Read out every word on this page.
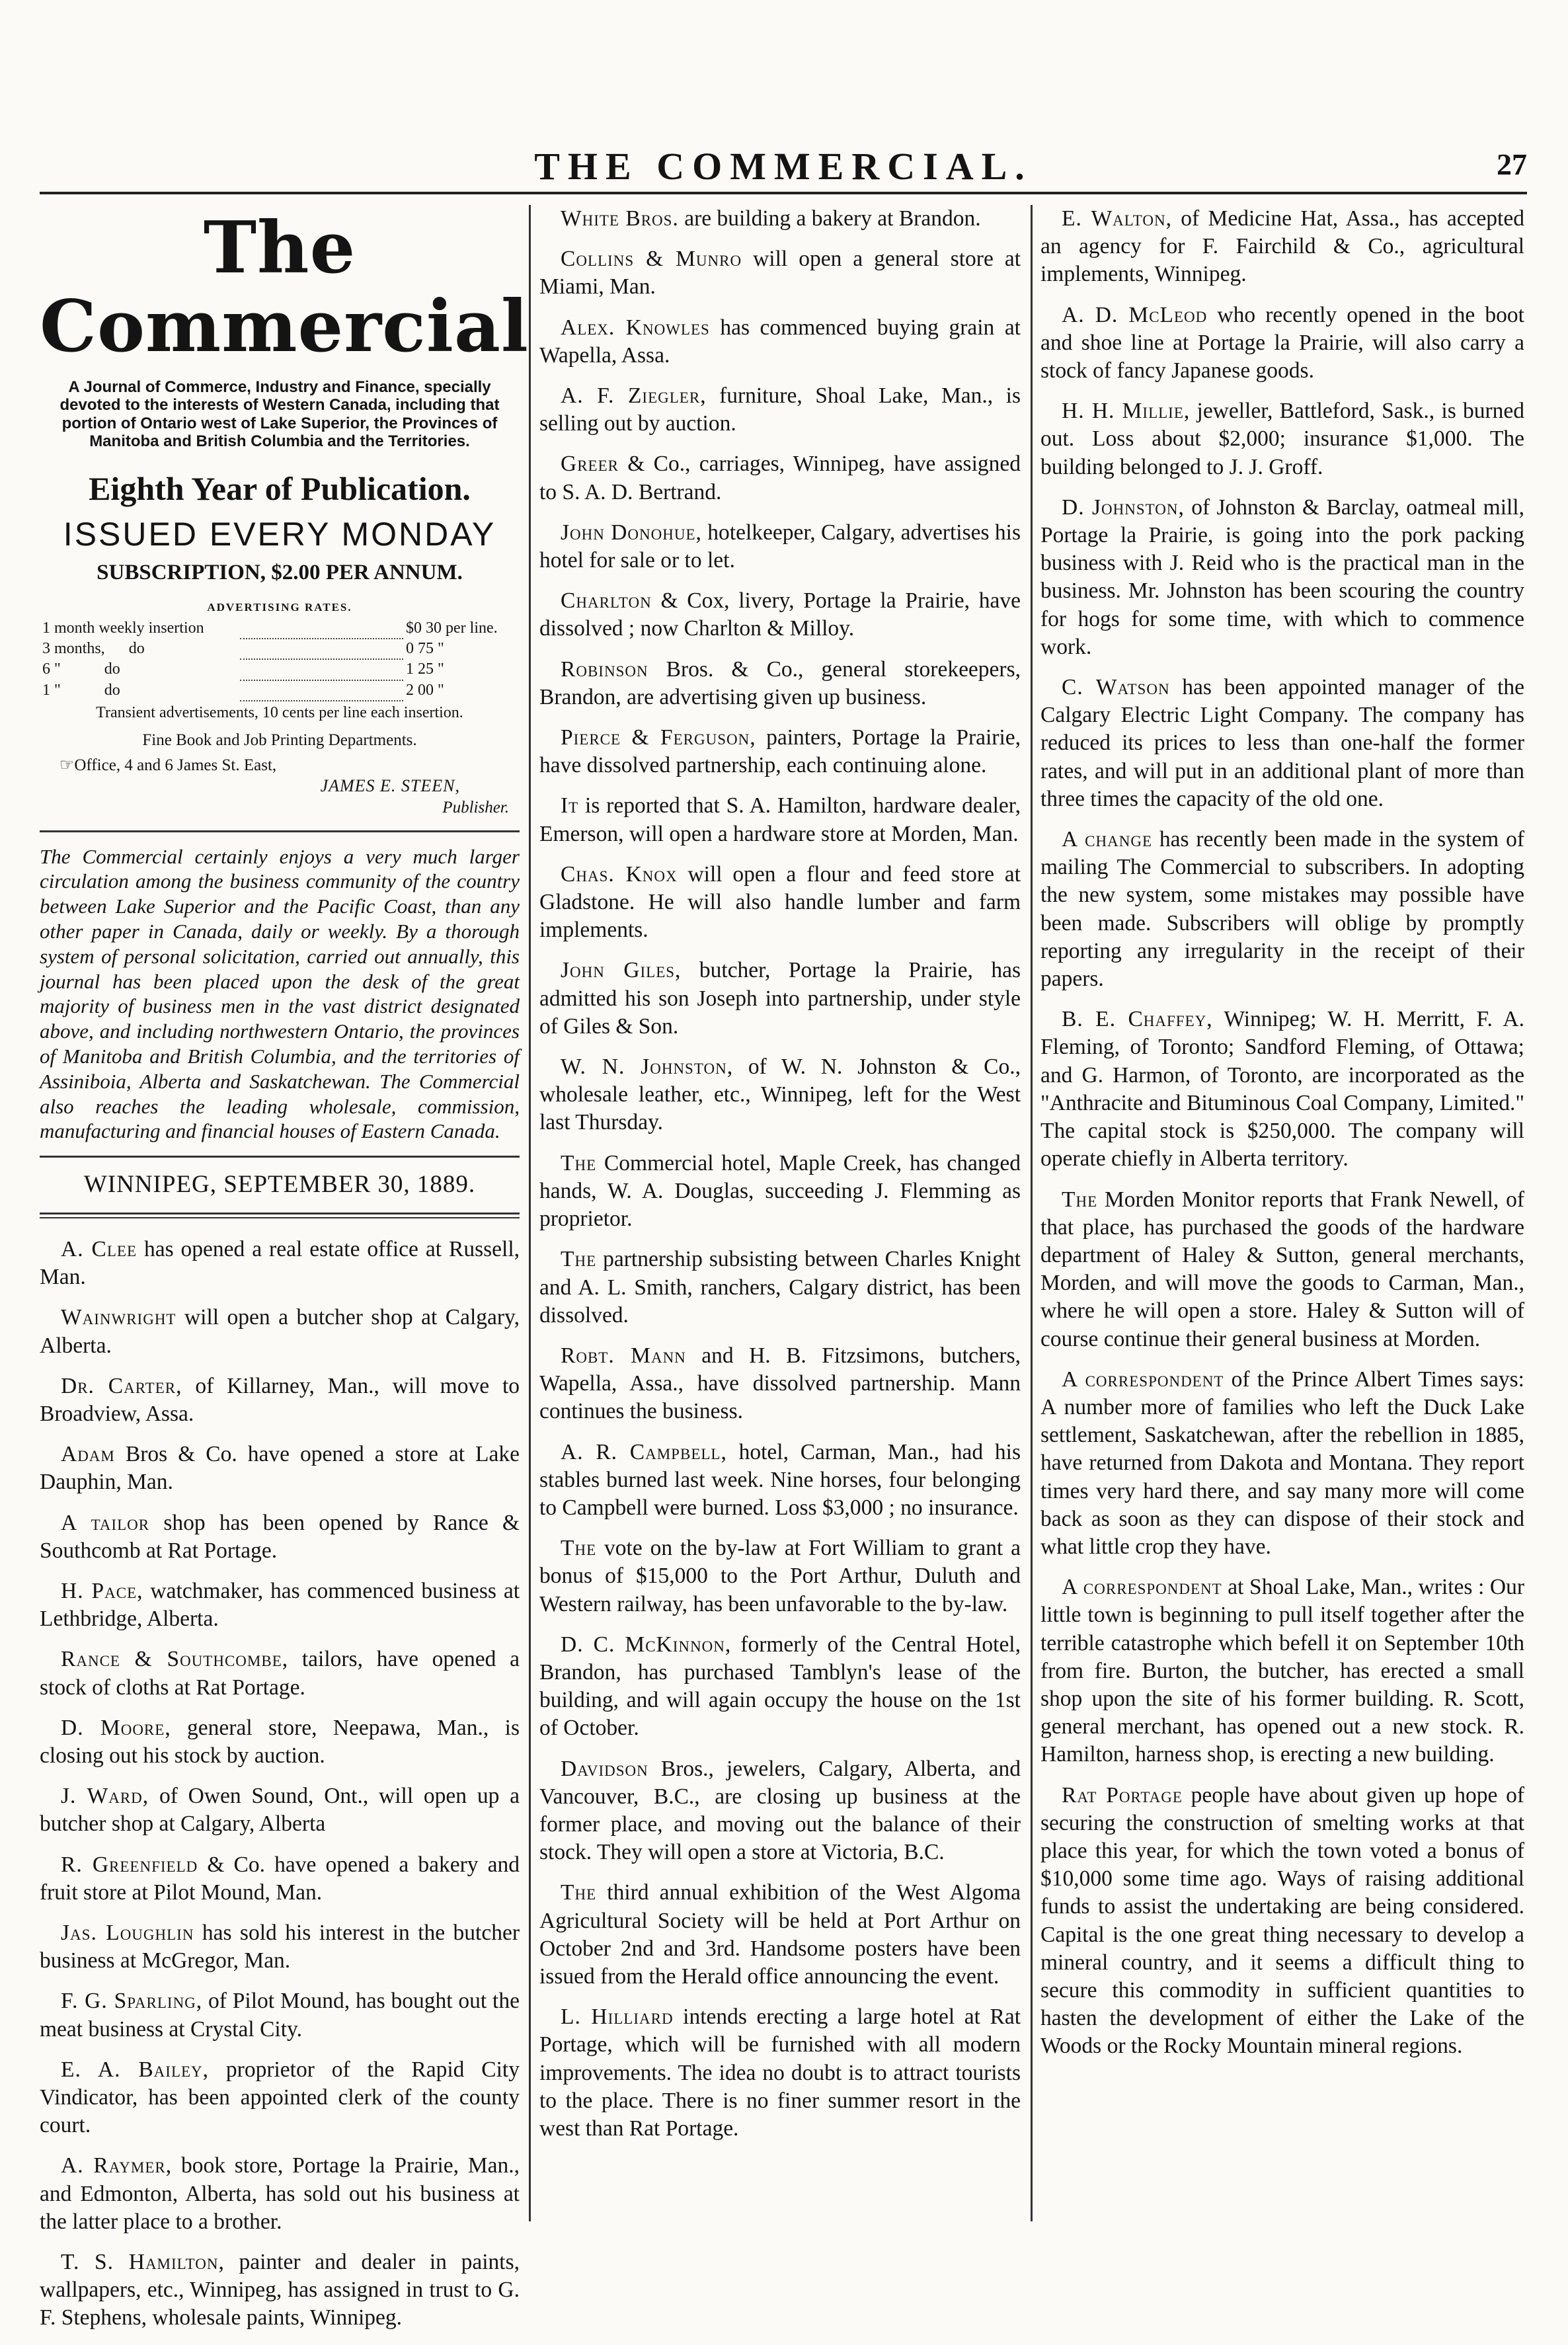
THE COMMERCIAL.	27
The Commercial
A Journal of Commerce, Industry and Finance, specially devoted to the interests of Western Canada, including that portion of Ontario west of Lake Superior, the Provinces of Manitoba and British Columbia and the Territories.
Eighth Year of Publication.
ISSUED EVERY MONDAY
SUBSCRIPTION, $2.00 PER ANNUM.
ADVERTISING RATES.
1 month weekly insertion		$0 30 per line.
3 months, do		0 75 "
6 " do		1 25 "
1 " do		2 00 "
Transient advertisements, 10 cents per line each insertion.
Fine Book and Job Printing Departments.
☞Office, 4 and 6 James St. East,
JAMES E. STEEN,
Publisher.
The Commercial certainly enjoys a very much larger circulation among the business community of the country between Lake Superior and the Pacific Coast, than any other paper in Canada, daily or weekly. By a thorough system of personal solicitation, carried out annually, this journal has been placed upon the desk of the great majority of business men in the vast district designated above, and including northwestern Ontario, the provinces of Manitoba and British Columbia, and the territories of Assiniboia, Alberta and Saskatchewan. The Commercial also reaches the leading wholesale, commission, manufacturing and financial houses of Eastern Canada.
WINNIPEG, SEPTEMBER 30, 1889.

A. Clee has opened a real estate office at Russell, Man.

Wainwright will open a butcher shop at Calgary, Alberta.

Dr. Carter, of Killarney, Man., will move to Broadview, Assa.

Adam Bros & Co. have opened a store at Lake Dauphin, Man.

A tailor shop has been opened by Rance & Southcomb at Rat Portage.

H. Pace, watchmaker, has commenced business at Lethbridge, Alberta.

Rance & Southcombe, tailors, have opened a stock of cloths at Rat Portage.

D. Moore, general store, Neepawa, Man., is closing out his stock by auction.

J. Ward, of Owen Sound, Ont., will open up a butcher shop at Calgary, Alberta

R. Greenfield & Co. have opened a bakery and fruit store at Pilot Mound, Man.

Jas. Loughlin has sold his interest in the butcher business at McGregor, Man.

F. G. Sparling, of Pilot Mound, has bought out the meat business at Crystal City.

E. A. Bailey, proprietor of the Rapid City Vindicator, has been appointed clerk of the county court.

A. Raymer, book store, Portage la Prairie, Man., and Edmonton, Alberta, has sold out his business at the latter place to a brother.

T. S. Hamilton, painter and dealer in paints, wallpapers, etc., Winnipeg, has assigned in trust to G. F. Stephens, wholesale paints, Winnipeg.

White Bros. are building a bakery at Brandon.

Collins & Munro will open a general store at Miami, Man.

Alex. Knowles has commenced buying grain at Wapella, Assa.

A. F. Ziegler, furniture, Shoal Lake, Man., is selling out by auction.

Greer & Co., carriages, Winnipeg, have assigned to S. A. D. Bertrand.

John Donohue, hotelkeeper, Calgary, advertises his hotel for sale or to let.

Charlton & Cox, livery, Portage la Prairie, have dissolved ; now Charlton & Milloy.

Robinson Bros. & Co., general storekeepers, Brandon, are advertising given up business.

Pierce & Ferguson, painters, Portage la Prairie, have dissolved partnership, each continuing alone.

It is reported that S. A. Hamilton, hardware dealer, Emerson, will open a hardware store at Morden, Man.

Chas. Knox will open a flour and feed store at Gladstone. He will also handle lumber and farm implements.

John Giles, butcher, Portage la Prairie, has admitted his son Joseph into partnership, under style of Giles & Son.

W. N. Johnston, of W. N. Johnston & Co., wholesale leather, etc., Winnipeg, left for the West last Thursday.

The Commercial hotel, Maple Creek, has changed hands, W. A. Douglas, succeeding J. Flemming as proprietor.

The partnership subsisting between Charles Knight and A. L. Smith, ranchers, Calgary district, has been dissolved.

Robt. Mann and H. B. Fitzsimons, butchers, Wapella, Assa., have dissolved partnership. Mann continues the business.

A. R. Campbell, hotel, Carman, Man., had his stables burned last week. Nine horses, four belonging to Campbell were burned. Loss $3,000 ; no insurance.

The vote on the by-law at Fort William to grant a bonus of $15,000 to the Port Arthur, Duluth and Western railway, has been unfavorable to the by-law.

D. C. McKinnon, formerly of the Central Hotel, Brandon, has purchased Tamblyn's lease of the building, and will again occupy the house on the 1st of October.

Davidson Bros., jewelers, Calgary, Alberta, and Vancouver, B.C., are closing up business at the former place, and moving out the balance of their stock. They will open a store at Victoria, B.C.

The third annual exhibition of the West Algoma Agricultural Society will be held at Port Arthur on October 2nd and 3rd. Handsome posters have been issued from the Herald office announcing the event.

L. Hilliard intends erecting a large hotel at Rat Portage, which will be furnished with all modern improvements. The idea no doubt is to attract tourists to the place. There is no finer summer resort in the west than Rat Portage.

E. Walton, of Medicine Hat, Assa., has accepted an agency for F. Fairchild & Co., agricultural implements, Winnipeg.

A. D. McLeod who recently opened in the boot and shoe line at Portage la Prairie, will also carry a stock of fancy Japanese goods.

H. H. Millie, jeweller, Battleford, Sask., is burned out. Loss about $2,000; insurance $1,000. The building belonged to J. J. Groff.

D. Johnston, of Johnston & Barclay, oatmeal mill, Portage la Prairie, is going into the pork packing business with J. Reid who is the practical man in the business. Mr. Johnston has been scouring the country for hogs for some time, with which to commence work.

C. Watson has been appointed manager of the Calgary Electric Light Company. The company has reduced its prices to less than one-half the former rates, and will put in an additional plant of more than three times the capacity of the old one.

A change has recently been made in the system of mailing The Commercial to subscribers. In adopting the new system, some mistakes may possible have been made. Subscribers will oblige by promptly reporting any irregularity in the receipt of their papers.

B. E. Chaffey, Winnipeg; W. H. Merritt, F. A. Fleming, of Toronto; Sandford Fleming, of Ottawa; and G. Harmon, of Toronto, are incorporated as the "Anthracite and Bituminous Coal Company, Limited." The capital stock is $250,000. The company will operate chiefly in Alberta territory.

The Morden Monitor reports that Frank Newell, of that place, has purchased the goods of the hardware department of Haley & Sutton, general merchants, Morden, and will move the goods to Carman, Man., where he will open a store. Haley & Sutton will of course continue their general business at Morden.

A correspondent of the Prince Albert Times says: A number more of families who left the Duck Lake settlement, Saskatchewan, after the rebellion in 1885, have returned from Dakota and Montana. They report times very hard there, and say many more will come back as soon as they can dispose of their stock and what little crop they have.

A correspondent at Shoal Lake, Man., writes : Our little town is beginning to pull itself together after the terrible catastrophe which befell it on September 10th from fire. Burton, the butcher, has erected a small shop upon the site of his former building. R. Scott, general merchant, has opened out a new stock. R. Hamilton, harness shop, is erecting a new building.

Rat Portage people have about given up hope of securing the construction of smelting works at that place this year, for which the town voted a bonus of $10,000 some time ago. Ways of raising additional funds to assist the undertaking are being considered. Capital is the one great thing necessary to develop a mineral country, and it seems a difficult thing to secure this commodity in sufficient quantities to hasten the development of either the Lake of the Woods or the Rocky Mountain mineral regions.
